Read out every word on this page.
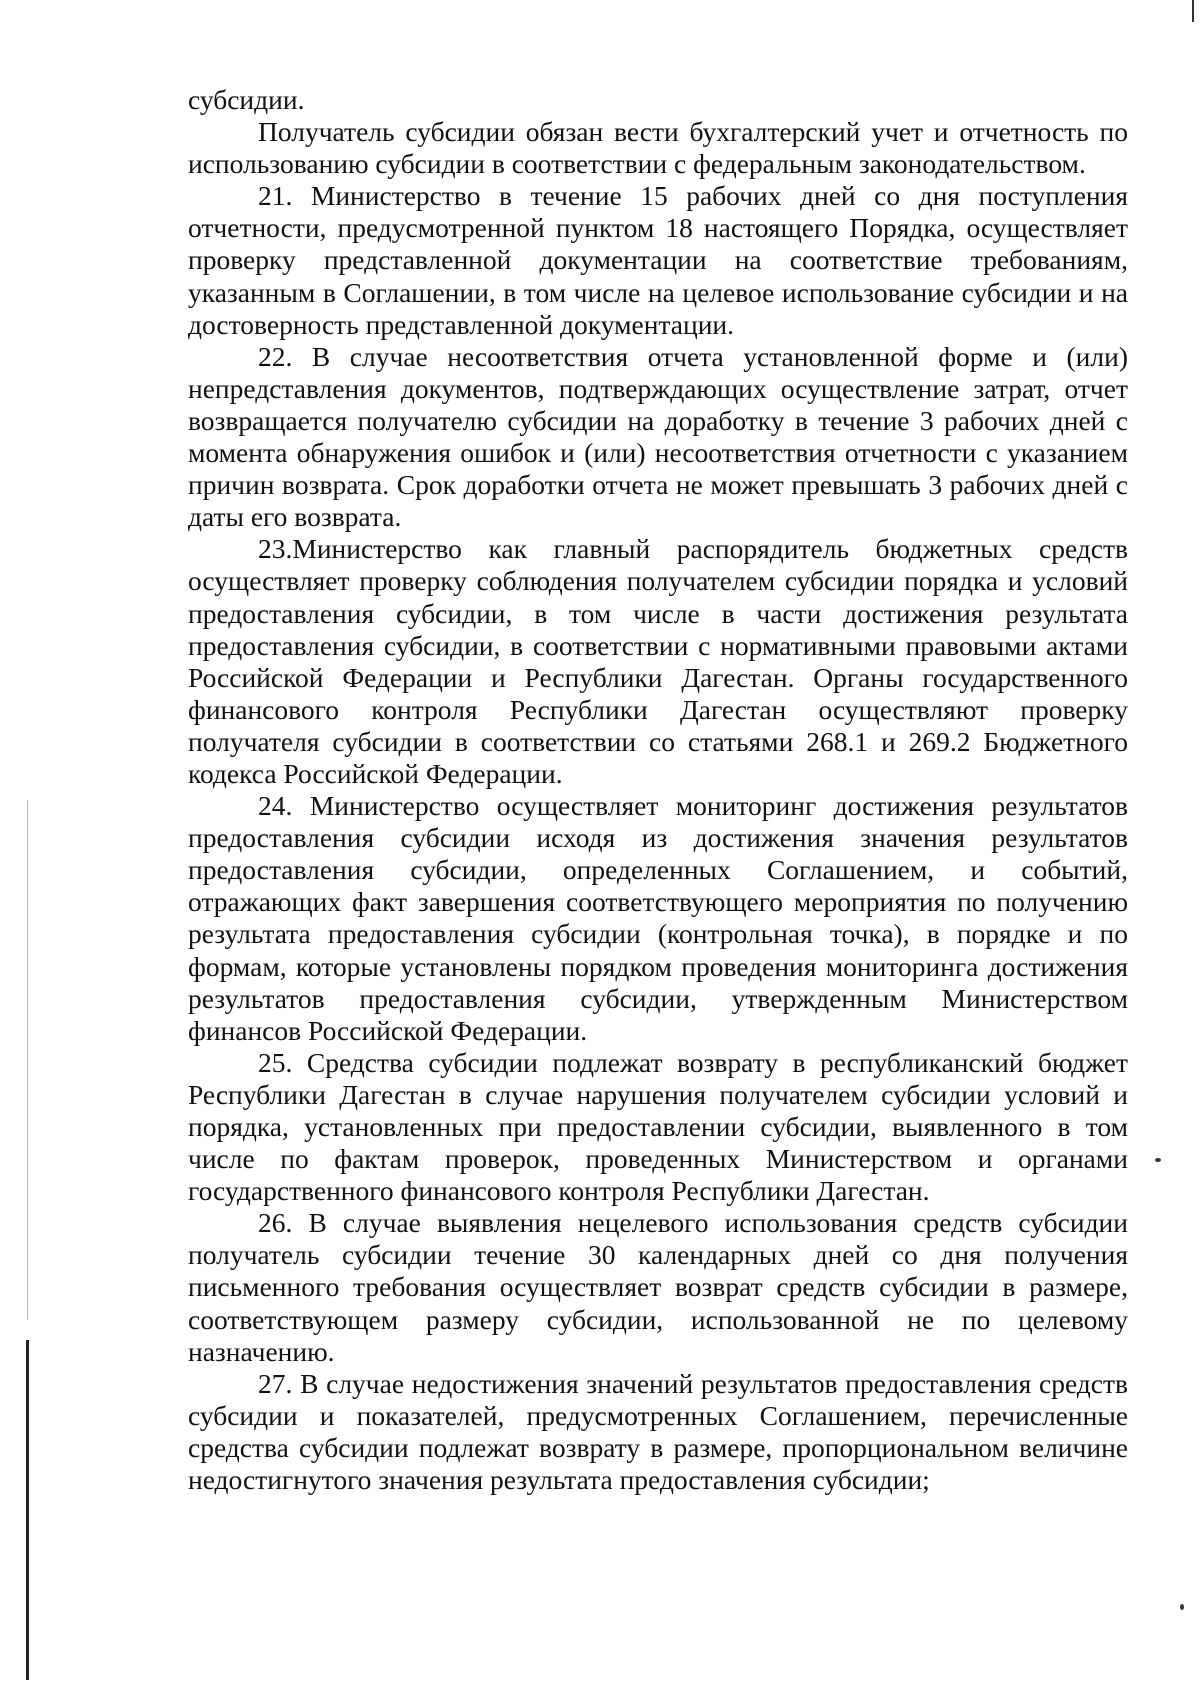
субсидии.

Получатель субсидии обязан вести бухгалтерский учет и отчетность по использованию субсидии в соответствии с федеральным законодательством.

21. Министерство в течение 15 рабочих дней со дня поступления отчетности, предусмотренной пунктом 18 настоящего Порядка, осуществляет проверку представленной документации на соответствие требованиям, указанным в Соглашении, в том числе на целевое использование субсидии и на достоверность представленной документации.

22. В случае несоответствия отчета установленной форме и (или) непредставления документов, подтверждающих осуществление затрат, отчет возвращается получателю субсидии на доработку в течение 3 рабочих дней с момента обнаружения ошибок и (или) несоответствия отчетности с указанием причин возврата. Срок доработки отчета не может превышать 3 рабочих дней с даты его возврата.

23.Министерство как главный распорядитель бюджетных средств осуществляет проверку соблюдения получателем субсидии порядка и условий предоставления субсидии, в том числе в части достижения результата предоставления субсидии, в соответствии с нормативными правовыми актами Российской Федерации и Республики Дагестан. Органы государственного финансового контроля Республики Дагестан осуществляют проверку получателя субсидии в соответствии со статьями 268.1 и 269.2 Бюджетного кодекса Российской Федерации.

24. Министерство осуществляет мониторинг достижения результатов предоставления субсидии исходя из достижения значения результатов предоставления субсидии, определенных Соглашением, и событий, отражающих факт завершения соответствующего мероприятия по получению результата предоставления субсидии (контрольная точка), в порядке и по формам, которые установлены порядком проведения мониторинга достижения результатов предоставления субсидии, утвержденным Министерством финансов Российской Федерации.

25. Средства субсидии подлежат возврату в республиканский бюджет Республики Дагестан в случае нарушения получателем субсидии условий и порядка, установленных при предоставлении субсидии, выявленного в том числе по фактам проверок, проведенных Министерством и органами государственного финансового контроля Республики Дагестан.

26. В случае выявления нецелевого использования средств субсидии получатель субсидии течение 30 календарных дней со дня получения письменного требования осуществляет возврат средств субсидии в размере, соответствующем размеру субсидии, использованной не по целевому назначению.

27. В случае недостижения значений результатов предоставления средств субсидии и показателей, предусмотренных Соглашением, перечисленные средства субсидии подлежат возврату в размере, пропорциональном величине недостигнутого значения результата предоставления субсидии;
